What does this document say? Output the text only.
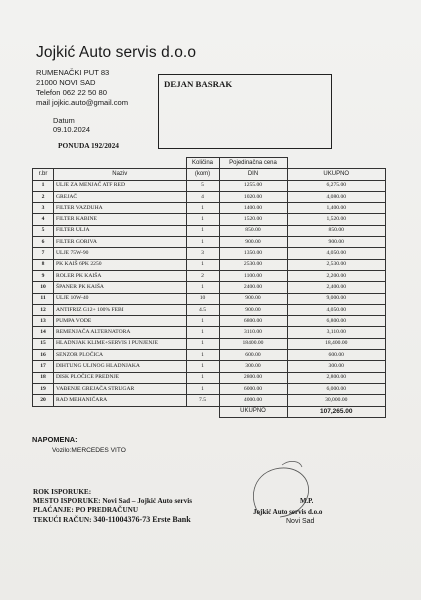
Jojkić Auto servis d.o.o
RUMENAČKI PUT 83
21000 NOVI SAD
Telefon 062 22 50 80
mail jojkic.auto@gmail.com
Datum
09.10.2024
PONUDA 192/2024
DEJAN BASRAK
		Količina	Pojedinačna cena	
r.br	Naziv	(kom)	DIN	UKUPNO
1	ULJE ZA MENJAČ ATF RED	5	1255.00	6,275.00
2	GREJAČ	4	1020.00	4,080.00
3	FILTER VAZDUHA	1	1400.00	1,400.00
4	FILTER KABINE	1	1520.00	1,520.00
5	FILTER ULJA	1	850.00	850.00
6	FILTER GORIVA	1	900.00	900.00
7	ULJE 75W-90	3	1350.00	4,050.00
8	PK KAIŠ 6PK 2250	1	2530.00	2,530.00
9	ROLER PK KAIŠA	2	1100.00	2,200.00
10	ŠPANER PK KAIŠA	1	2400.00	2,400.00
11	ULJE 10W-40	10	900.00	9,000.00
12	ANTIFRIZ G12+ 100% FEBI	4.5	900.00	4,050.00
13	PUMPA VODE	1	6800.00	6,800.00
14	REMENJAČA ALTERNATORA	1	3110.00	3,110.00
15	HLADNJAK KLIME+SERVIS I PUNJENJE	1	18400.00	18,400.00
16	SENZOR PLOČICA	1	600.00	600.00
17	DIHTUNG ULJNOG HLADNJAKA	1	300.00	300.00
18	DISK PLOČICE PREDNJE	1	2800.00	2,800.00
19	VAĐENJE GREJAČA STRUGAR	1	6000.00	6,000.00
20	RAD MEHANIČARA	7.5	4000.00	30,000.00
			UKUPNO	107,265.00
NAPOMENA:
Vozilo:MERCEDES VITO
ROK ISPORUKE:
MESTO ISPORUKE: Novi Sad – Jojkić Auto servis
PLAĆANJE: PO PREDRAČUNU
TEKUĆI RAČUN: 340-11004376-73 Erste Bank
M.P.
Jojkić Auto servis d.o.o
Novi Sad
